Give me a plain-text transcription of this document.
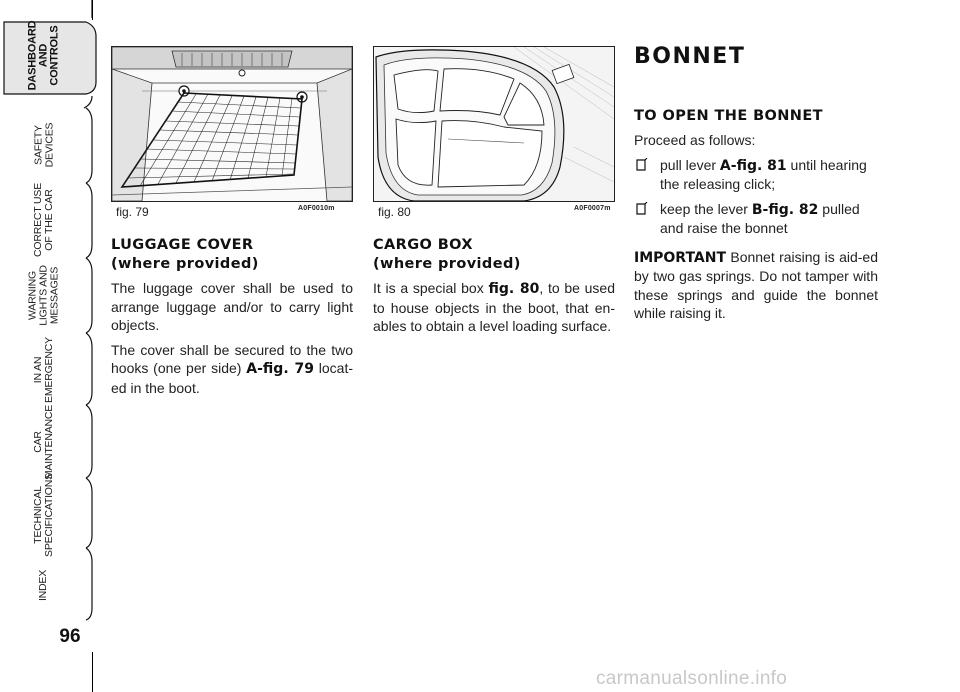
DASHBOARD
AND
CONTROLS
SAFETY
DEVICES
CORRECT USE
OF THE CAR
WARNING
LIGHTS AND
MESSAGES
IN AN
EMERGENCY
CAR
MAINTENANCE
TECHNICAL
SPECIFICATIONS
INDEX
96
fig. 79	A0F0010m	fig. 80	A0F0007m
LUGGAGE COVER
(where provided)

The luggage cover shall be used to arrange luggage and/or to carry light objects.

The cover shall be secured to the two hooks (one per side) A-fig. 79 locat-ed in the boot.

CARGO BOX
(where provided)

It is a special box fig. 80, to be used to house objects in the boot, that en-ables to obtain a level loading surface.

BONNET
TO OPEN THE BONNET

Proceed as follows:

pull lever A-fig. 81 until hearing the releasing click;
keep the lever B-fig. 82 pulled and raise the bonnet

IMPORTANT Bonnet raising is aid-ed by two gas springs. Do not tamper with these springs and guide the bonnet while raising it.

carmanualsonline.info
